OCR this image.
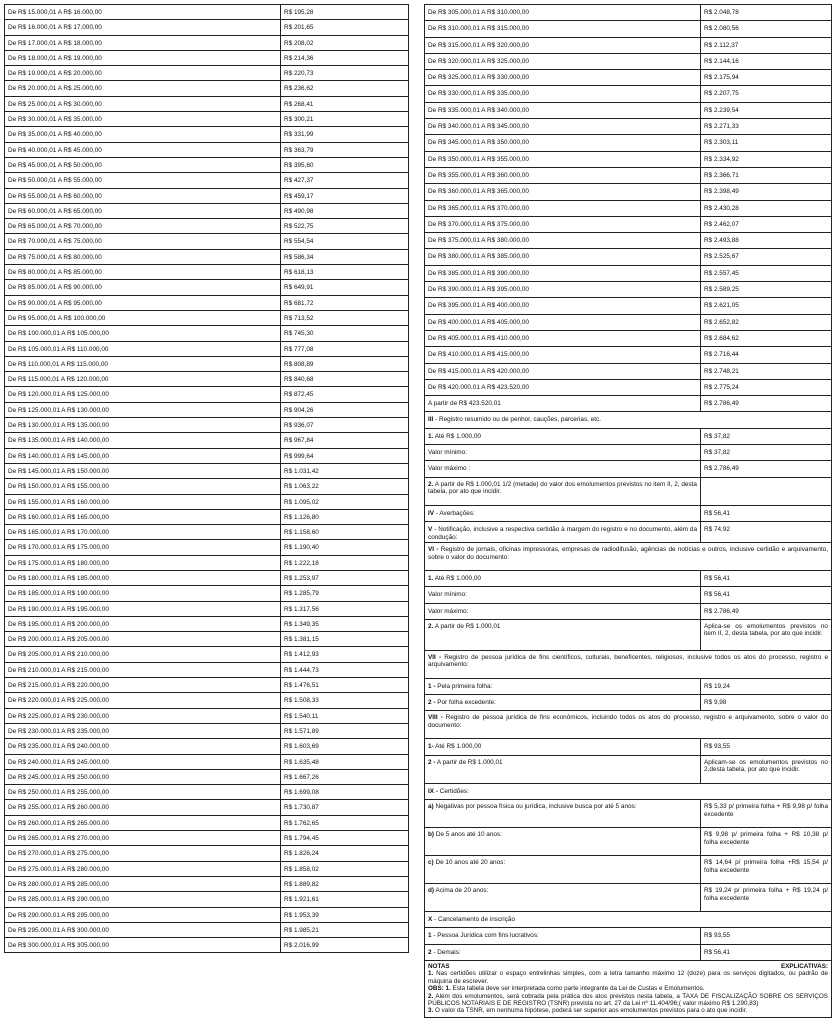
De R$ 15.000,01 A R$ 16.000,00	R$ 195,28
De R$ 16.000,01 A R$ 17.000,00	R$ 201,65
De R$ 17.000,01 A R$ 18.000,00	R$ 208,02
De R$ 18.000,01 A R$ 19.000,00	R$ 214,36
De R$ 19.000,01 A R$ 20.000,00	R$ 220,73
De R$ 20.000,01 A R$ 25.000,00	R$ 236,62
De R$ 25.000,01 A R$ 30.000,00	R$ 268,41
De R$ 30.000,01 A R$ 35.000,00	R$ 300,21
De R$ 35.000,01 A R$ 40.000,00	R$ 331,99
De R$ 40.000,01 A R$ 45.000,00	R$ 363,79
De R$ 45.000,01 A R$ 50.000,00	R$ 395,60
De R$ 50.000,01 A R$ 55.000,00	R$ 427,37
De R$ 55.000,01 A R$ 60.000,00	R$ 459,17
De R$ 60.000,01 A R$ 65.000,00	R$ 490,98
De R$ 65.000,01 A R$ 70.000,00	R$ 522,75
De R$ 70.000,01 A R$ 75.000,00	R$ 554,54
De R$ 75.000,01 A R$ 80.000,00	R$ 586,34
De R$ 80.000,01 A R$ 85.000,00	R$ 618,13
De R$ 85.000,01 A R$ 90.000,00	R$ 649,91
De R$ 90.000,01 A R$ 95.000,00	R$ 681,72
De R$ 95.000,01 A R$ 100.000,00	R$ 713,52
De R$ 100.000,01 A R$ 105.000,00	R$ 745,30
De R$ 105.000,01 A R$ 110.000,00	R$ 777,08
De R$ 110.000,01 A R$ 115.000,00	R$ 808,89
De R$ 115.000,01 A R$ 120.000,00	R$ 840,68
De R$ 120.000,01 A R$ 125.000,00	R$ 872,45
De R$ 125.000,01 A R$ 130.000,00	R$ 904,26
De R$ 130.000,01 A R$ 135.000,00	R$ 936,07
De R$ 135.000,01 A R$ 140.000,00	R$ 967,84
De R$ 140.000,01 A R$ 145.000,00	R$ 999,64
De R$ 145.000,01 A R$ 150.000,00	R$ 1.031,42
De R$ 150.000,01 A R$ 155.000,00	R$ 1.063,22
De R$ 155.000,01 A R$ 160.000,00	R$ 1.095,02
De R$ 160.000,01 A R$ 165.000,00	R$ 1.126,80
De R$ 165.000,01 A R$ 170.000,00	R$ 1.158,60
De R$ 170.000,01 A R$ 175.000,00	R$ 1.190,40
De R$ 175.000,01 A R$ 180.000,00	R$ 1.222,18
De R$ 180.000,01 A R$ 185.000,00	R$ 1.253,97
De R$ 185.000,01 A R$ 190.000,00	R$ 1.285,79
De R$ 190.000,01 A R$ 195.000,00	R$ 1.317,56
De R$ 195.000,01 A R$ 200.000,00	R$ 1.349,35
De R$ 200.000,01 A R$ 205.000,00	R$ 1.381,15
De R$ 205.000,01 A R$ 210.000,00	R$ 1.412,93
De R$ 210.000,01 A R$ 215.000,00	R$ 1.444,73
De R$ 215.000,01 A R$ 220.000,00	R$ 1.476,51
De R$ 220.000,01 A R$ 225.000,00	R$ 1.508,33
De R$ 225.000,01 A R$ 230.000,00	R$ 1.540,11
De R$ 230.000,01 A R$ 235.000,00	R$ 1.571,89
De R$ 235.000,01 A R$ 240.000,00	R$ 1.603,69
De R$ 240.000,01 A R$ 245.000,00	R$ 1.635,48
De R$ 245.000,01 A R$ 250.000,00	R$ 1.667,26
De R$ 250.000,01 A R$ 255.000,00	R$ 1.699,08
De R$ 255.000,01 A R$ 260.000,00	R$ 1.730,87
De R$ 260.000,01 A R$ 265.000,00	R$ 1.762,65
De R$ 265.000,01 A R$ 270.000,00	R$ 1.794,45
De R$ 270.000,01 A R$ 275.000,00	R$ 1.826,24
De R$ 275.000,01 A R$ 280.000,00	R$ 1.858,02
De R$ 280.000,01 A R$ 285.000,00	R$ 1.889,82
De R$ 285.000,01 A R$ 290.000,00	R$ 1.921,61
De R$ 290.000,01 A R$ 295.000,00	R$ 1.953,39
De R$ 295.000,01 A R$ 300.000,00	R$ 1.985,21
De R$ 300.000,01 A R$ 305.000,00	R$ 2.016,99
De R$ 305.000,01 A R$ 310.000,00	R$ 2.048,78
De R$ 310.000,01 A R$ 315.000,00	R$ 2.080,56
De R$ 315.000,01 A R$ 320.000,00	R$ 2.112,37
De R$ 320.000,01 A R$ 325.000,00	R$ 2.144,16
De R$ 325.000,01 A R$ 330.000,00	R$ 2.175,94
De R$ 330.000,01 A R$ 335.000,00	R$ 2.207,75
De R$ 335.000,01 A R$ 340.000,00	R$ 2.239,54
De R$ 340.000,01 A R$ 345.000,00	R$ 2.271,33
De R$ 345.000,01 A R$ 350.000,00	R$ 2.303,11
De R$ 350.000,01 A R$ 355.000,00	R$ 2.334,92
De R$ 355.000,01 A R$ 360.000,00	R$ 2.366,71
De R$ 360.000,01 A R$ 365.000,00	R$ 2.398,49
De R$ 365.000,01 A R$ 370.000,00	R$ 2.430,28
De R$ 370.000,01 A R$ 375.000,00	R$ 2.462,07
De R$ 375.000,01 A R$ 380.000,00	R$ 2.493,88
De R$ 380.000,01 A R$ 385.000,00	R$ 2.525,67
De R$ 385.000,01 A R$ 390.000,00	R$ 2.557,45
De R$ 390.000,01 A R$ 395.000,00	R$ 2.589,25
De R$ 395.000,01 A R$ 400.000,00	R$ 2.621,05
De R$ 400.000,01 A R$ 405.000,00	R$ 2.652,82
De R$ 405.000,01 A R$ 410.000,00	R$ 2.684,62
De R$ 410.000,01 A R$ 415.000,00	R$ 2.716,44
De R$ 415.000,01 A R$ 420.000,00	R$ 2.748,21
De R$ 420.000,01 A R$ 423.520,00	R$ 2.775,24
A partir de R$ 423.520,01	R$ 2.786,49
III - Registro resumido ou de penhor, cauções, parcerias, etc.	
1. Até R$ 1.000,00	R$ 37,82
Valor mínimo:	R$ 37,82
Valor máximo :	R$ 2.786,49
2. A partir de R$ 1.000,01 1/2 (metade) do valor dos emolumentos previstos no item II, 2, desta tabela, por ato que incidir.	
IV - Averbações:	R$ 56,41
V - Notificação, inclusive a respectiva certidão à margem do registro e no documento, além da condução:	R$ 74,92
VI - Registro de jornais, oficinas impressoras, empresas de radiodifusão, agências de notícias e outros, inclusive certidão e arquivamento, sobre o valor do documento:	
1. Até R$ 1.000,00	R$ 56,41
Valor mínimo:	R$ 56,41
Valor máximo:	R$ 2.786,49
2. A partir de R$ 1.000,01	Aplica-se os emolumentos previstos no item II, 2, desta tabela, por ato que incidir.
VII - Registro de pessoa jurídica de fins científicos, culturais, beneficentes, religiosos, inclusive todos os atos do processo, registro e arquivamento:	
1 - Pela primeira folha:	R$ 19,24
2 - Por folha excedente:	R$ 9,98
VIII - Registro de pessoa jurídica de fins econômicos, incluindo todos os atos do processo, registro e arquivamento, sobre o valor do documento:	
1- Até R$ 1.000,00	R$ 93,55
2 - A partir de R$ 1.000,01	Aplicam-se os emolumentos previstos no 2,desta tabela, por ato que incidir.
IX - Certidões:	
a) Negativas por pessoa física ou jurídica, inclusive busca por até 5 anos:	R$ 5,33 p/ primeira folha + R$ 9,98 p/ folha excedente
b) De 5 anos até 10 anos:	R$ 9,98 p/ primeira folha + R$ 10,38 p/ folha excedente
c) De 10 anos até 20 anos:	R$ 14,64 p/ primeira folha +R$ 15,54 p/ folha excedente
d) Acima de 20 anos:	R$ 19,24 p/ primeira folha + R$ 19,24 p/ folha excedente
X - Cancelamento de inscrição	
1 - Pessoa Jurídica com fins lucrativos:	R$ 93,55
2 - Demais:	R$ 56,41
NOTAS	EXPLICATIVAS:
1. Nas certidões utilizar o espaço entrelinhas simples, com a letra tamanho máximo 12 (doze) para os serviços digitados, ou padrão de máquina de escrever.
OBS: 1. Esta tabela deve ser interpretada como parte integrante da Lei de Custas e Emolumentos.
2. Além dos emolumentos, será cobrada pela prática dos atos previstos nesta tabela, a TAXA DE FISCALIZAÇÃO SOBRE OS SERVIÇOS PÚBLICOS NOTARIAIS E DE REGISTRO (TSNR) prevista no art. 27 da Lei nº 11.404/96;( valor máximo R$ 1.290,83)
3. O valor da TSNR, em nenhuma hipótese, poderá ser superior aos emolumentos previstos para o ato que incidir.
